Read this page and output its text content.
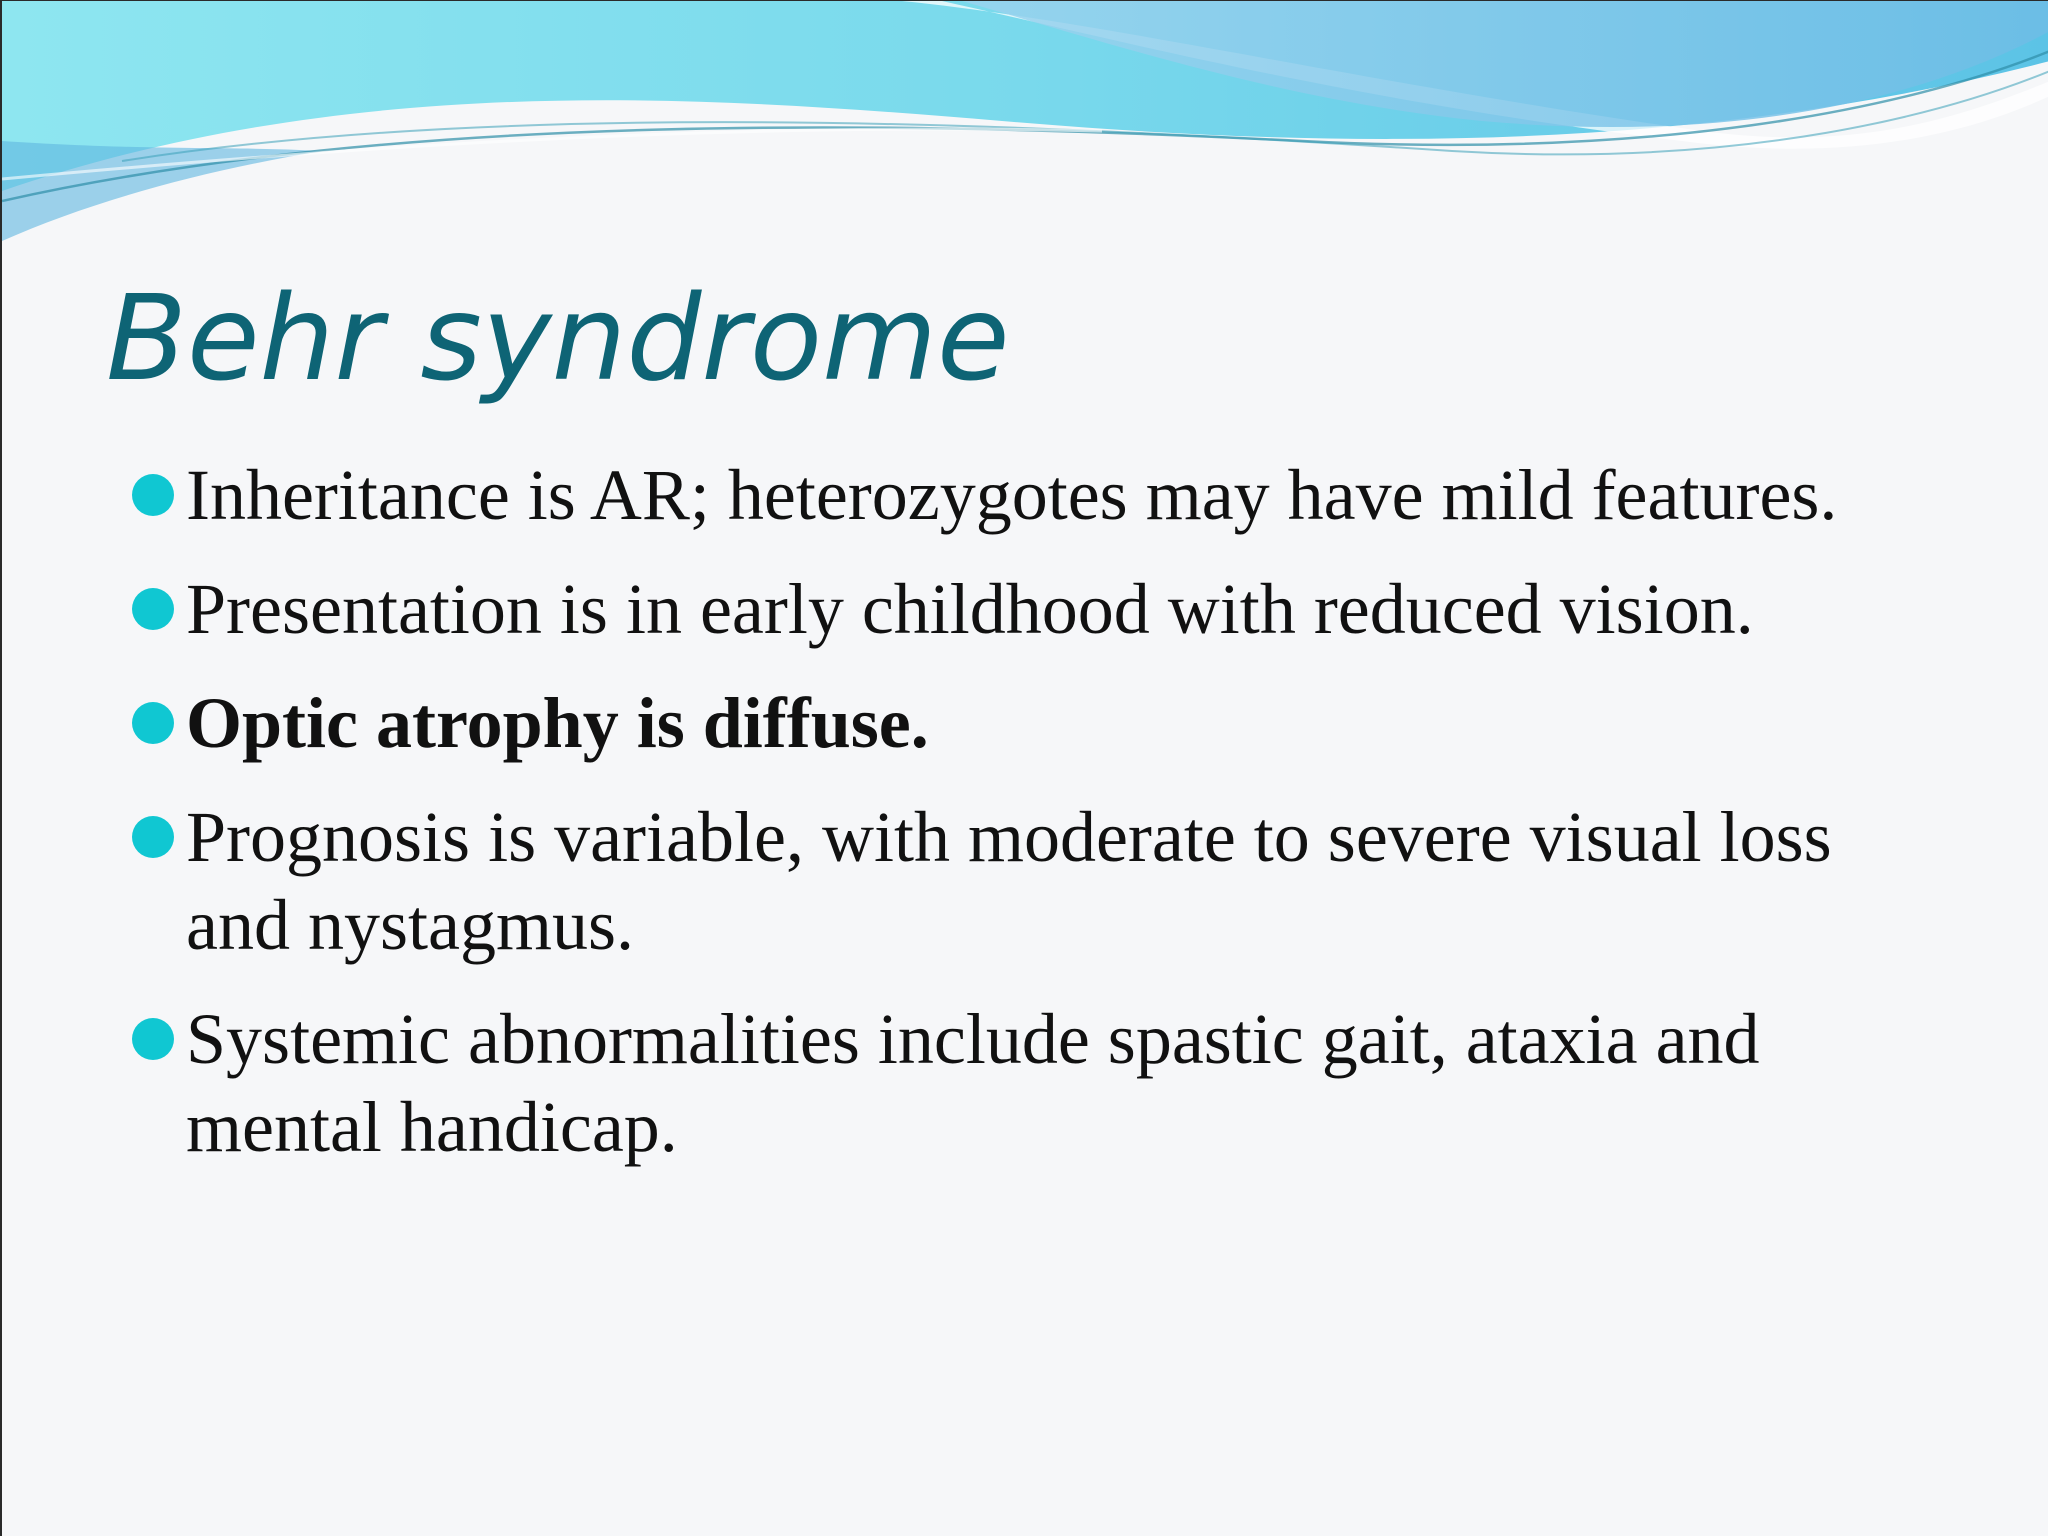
Behr syndrome
Inheritance is AR; heterozygotes may have mild features.
Presentation is in early childhood with reduced vision.
Optic atrophy is diffuse.
Prognosis is variable, with moderate to severe visual loss and nystagmus.
Systemic abnormalities include spastic gait, ataxia and mental handicap.
